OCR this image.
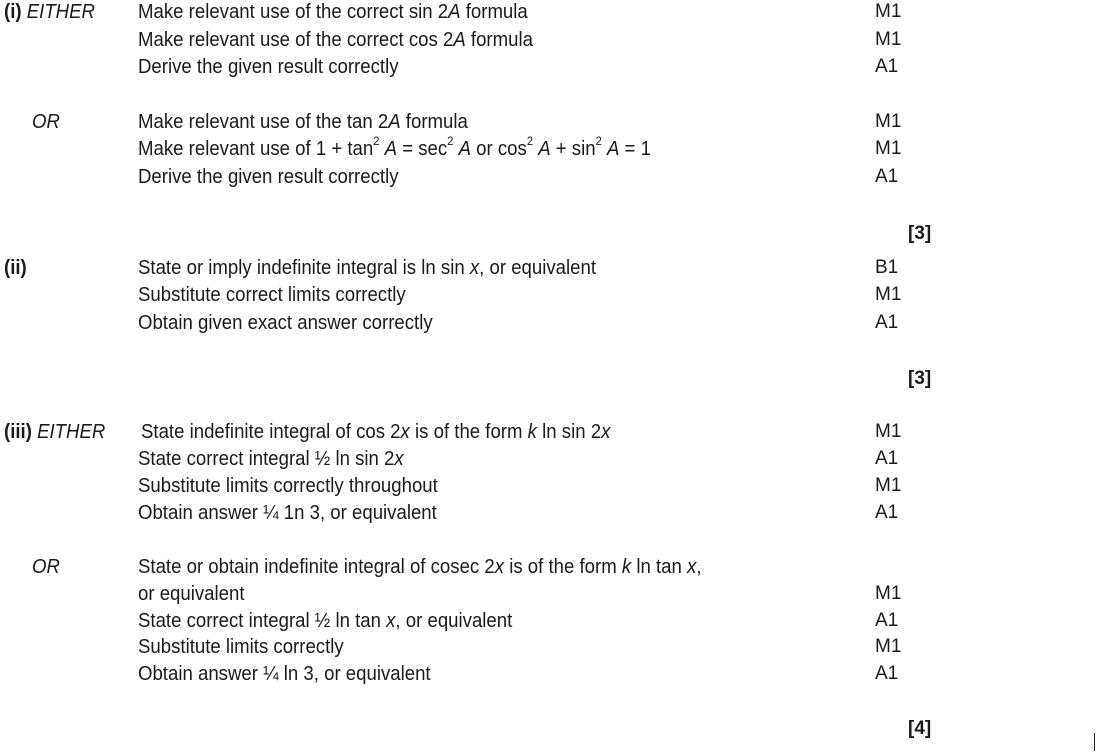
(i) EITHER Make relevant use of the correct sin 2A formula	M1
Make relevant use of the correct cos 2A formula	M1
Derive the given result correctly	A1
OR	Make relevant use of the tan 2A formula	M1
Make relevant use of $1 + \tan^2 A = \sec^2 A$ or $\cos^2 A + \sin^2 A = 1$	M1
Derive the given result correctly	A1
[3]
(ii)	State or imply indefinite integral is ln sin x, or equivalent	B1
Substitute correct limits correctly	M1
Obtain given exact answer correctly	A1
[3]
(iii) EITHER State indefinite integral of cos 2x is of the form k ln sin 2x	M1
State correct integral ½ ln sin 2x	A1
Substitute limits correctly throughout	M1
Obtain answer ¼ 1n 3, or equivalent	A1
OR	State or obtain indefinite integral of cosec 2x is of the form k ln tan x,
or equivalent	M1
State correct integral ½ ln tan x, or equivalent	A1
Substitute limits correctly	M1
Obtain answer ¼ ln 3, or equivalent	A1
[4]
